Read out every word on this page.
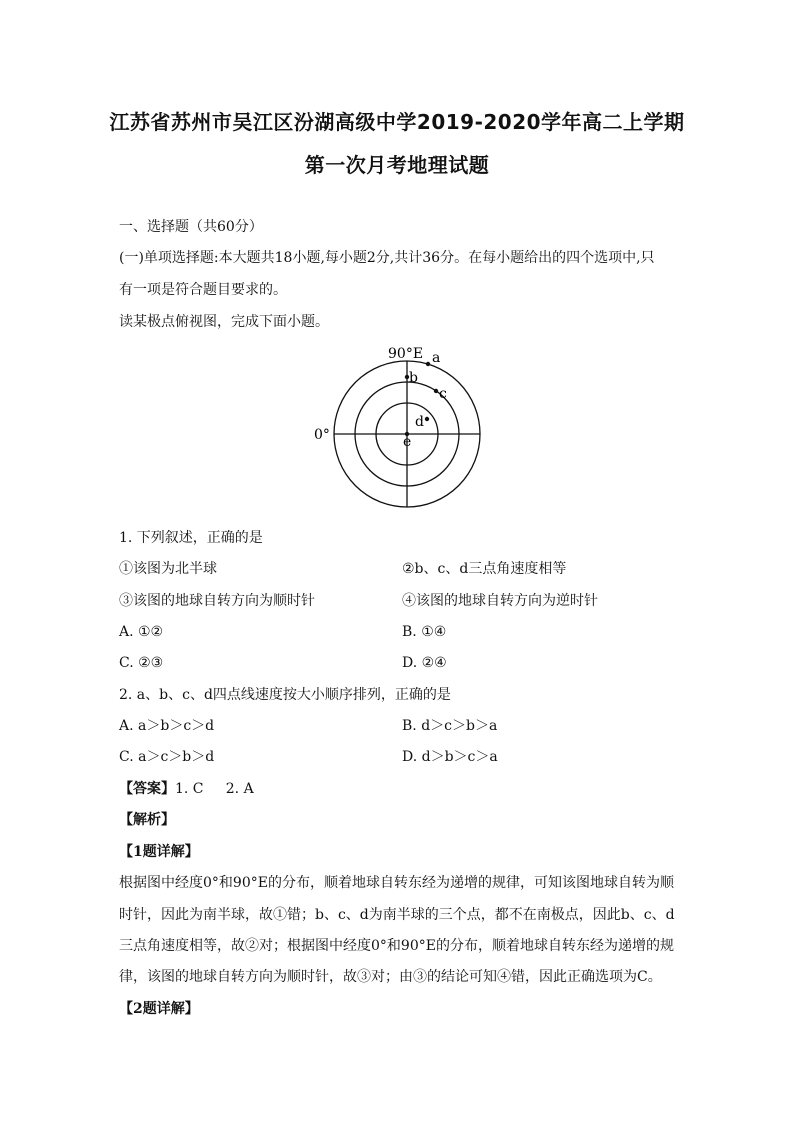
江苏省苏州市吴江区汾湖高级中学2019-2020学年高二上学期
第一次月考地理试题
一、选择题（共60分）
(一)单项选择题:本大题共18小题,每小题2分,共计36分。在每小题给出的四个选项中,只
有一项是符合题目要求的。
读某极点俯视图，完成下面小题。
90°E
0°
a
b
c
d
e
1. 下列叙述，正确的是
①该图为北半球	②b、c、d三点角速度相等
③该图的地球自转方向为顺时针	④该图的地球自转方向为逆时针
A. ①②	B. ①④
C. ②③	D. ②④
2. a、b、c、d四点线速度按大小顺序排列，正确的是
A. a＞b＞c＞d	B. d＞c＞b＞a
C. a＞c＞b＞d	D. d＞b＞c＞a
【答案】1. C     2. A
【解析】
【1题详解】
根据图中经度0°和90°E的分布，顺着地球自转东经为递增的规律，可知该图地球自转为顺
时针，因此为南半球，故①错；b、c、d为南半球的三个点，都不在南极点，因此b、c、d
三点角速度相等，故②对；根据图中经度0°和90°E的分布，顺着地球自转东经为递增的规
律，该图的地球自转方向为顺时针，故③对；由③的结论可知④错，因此正确选项为C。
【2题详解】
